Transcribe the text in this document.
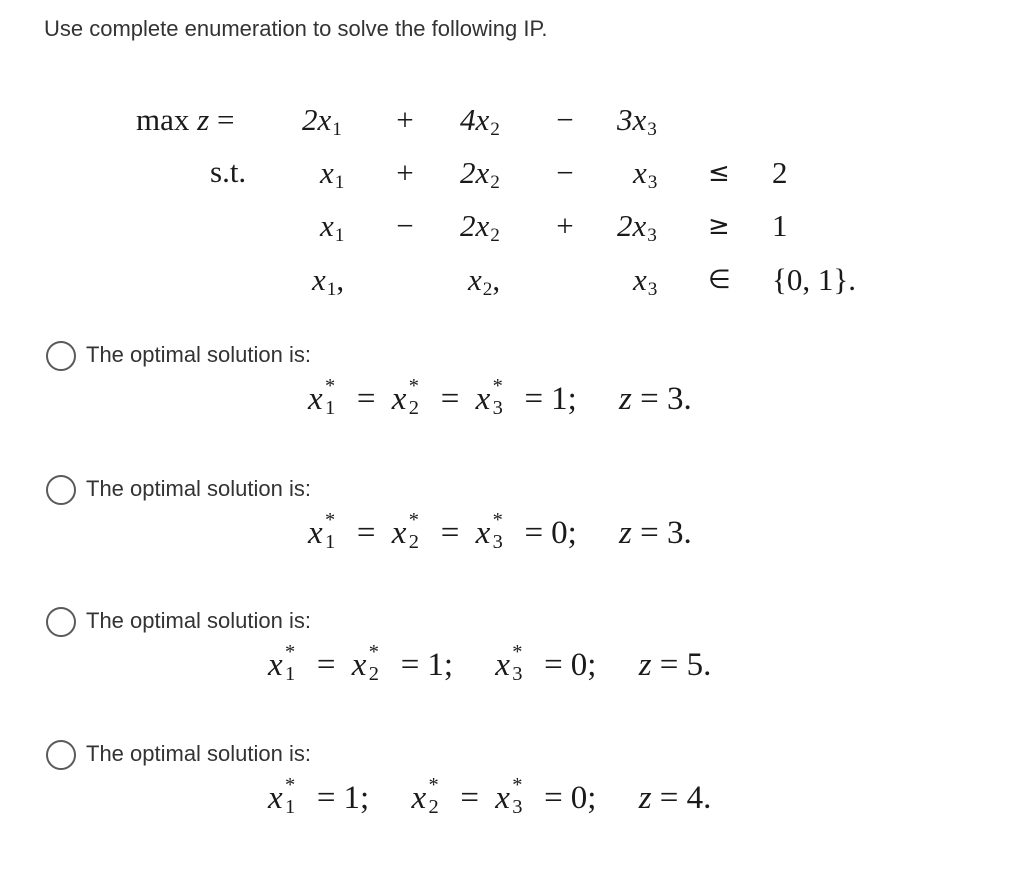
Use complete enumeration to solve the following IP.
$\max z = 2x_1$	+	$4x_2$	−	$3x_3$
s.t. $x_1$	+	$2x_2$	−	$x_3 \le 2$
$x_1$	−	$2x_2$	+	$2x_3 \ge 1$
$x_1$,	$x_2$,	$x_3$ ∈ {0, 1}.
The optimal solution is:
x *
1 = x *
2 = x *
3 = 1; z = 3.
The optimal solution is:
x *
1 = x *
2 = x *
3 = 0; z = 3.
The optimal solution is:
x *
1 = x *
2 = 1; x *
3 = 0; z = 5.
The optimal solution is:
x *
1 = 1; x *
2 = x *
3 = 0; z = 4.
